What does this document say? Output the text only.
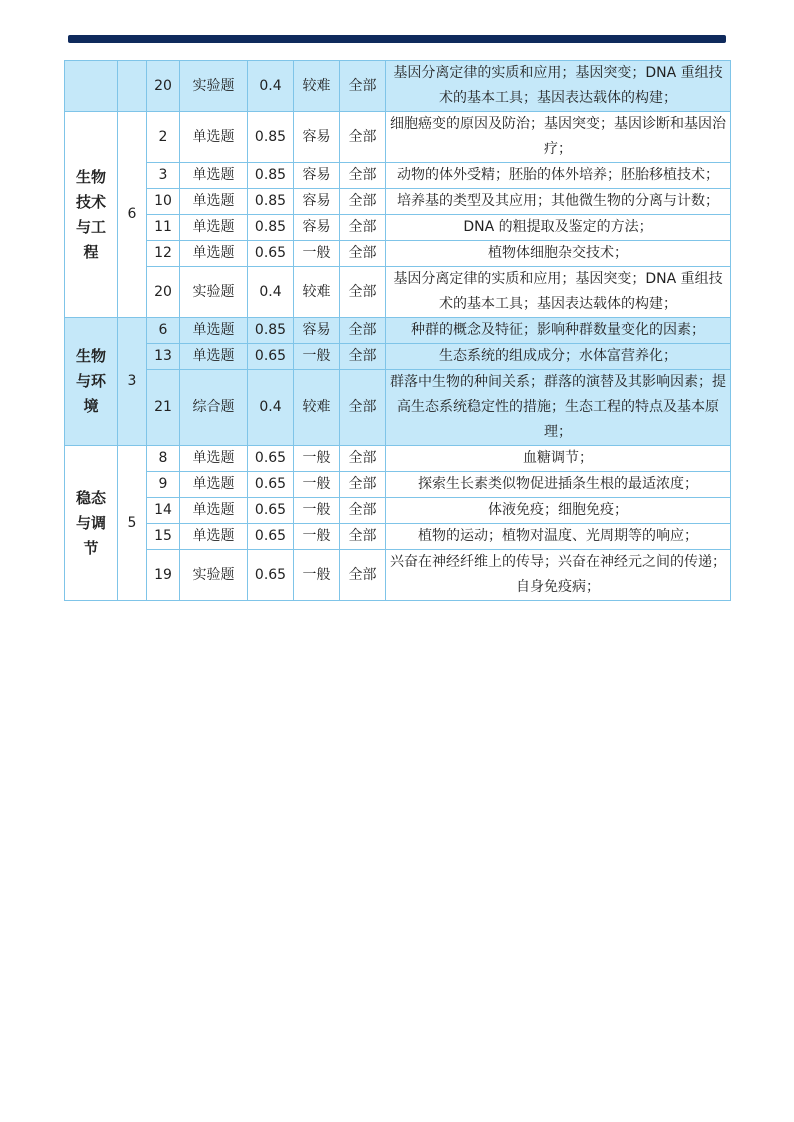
		20	实验题	0.4	较难	全部	基因分离定律的实质和应用；基因突变；DNA 重组技术的基本工具；基因表达载体的构建；

生物
技术
与工
程	6	2	单选题	0.85	容易	全部	细胞癌变的原因及防治；基因突变；基因诊断和基因治疗；
		3	单选题	0.85	容易	全部	动物的体外受精；胚胎的体外培养；胚胎移植技术；
		10	单选题	0.85	容易	全部	培养基的类型及其应用；其他微生物的分离与计数；
		11	单选题	0.85	容易	全部	DNA 的粗提取及鉴定的方法；
		12	单选题	0.65	一般	全部	植物体细胞杂交技术；
		20	实验题	0.4	较难	全部	基因分离定律的实质和应用；基因突变；DNA 重组技术的基本工具；基因表达载体的构建；

生物
与环
境	3	6	单选题	0.85	容易	全部	种群的概念及特征；影响种群数量变化的因素；
		13	单选题	0.65	一般	全部	生态系统的组成成分；水体富营养化；
		21	综合题	0.4	较难	全部	群落中生物的种间关系；群落的演替及其影响因素；提高生态系统稳定性的措施；生态工程的特点及基本原理；

稳态
与调
节	5	8	单选题	0.65	一般	全部	血糖调节；
		9	单选题	0.65	一般	全部	探索生长素类似物促进插条生根的最适浓度；
		14	单选题	0.65	一般	全部	体液免疫；细胞免疫；
		15	单选题	0.65	一般	全部	植物的运动；植物对温度、光周期等的响应；
		19	实验题	0.65	一般	全部	兴奋在神经纤维上的传导；兴奋在神经元之间的传递；自身免疫病；
